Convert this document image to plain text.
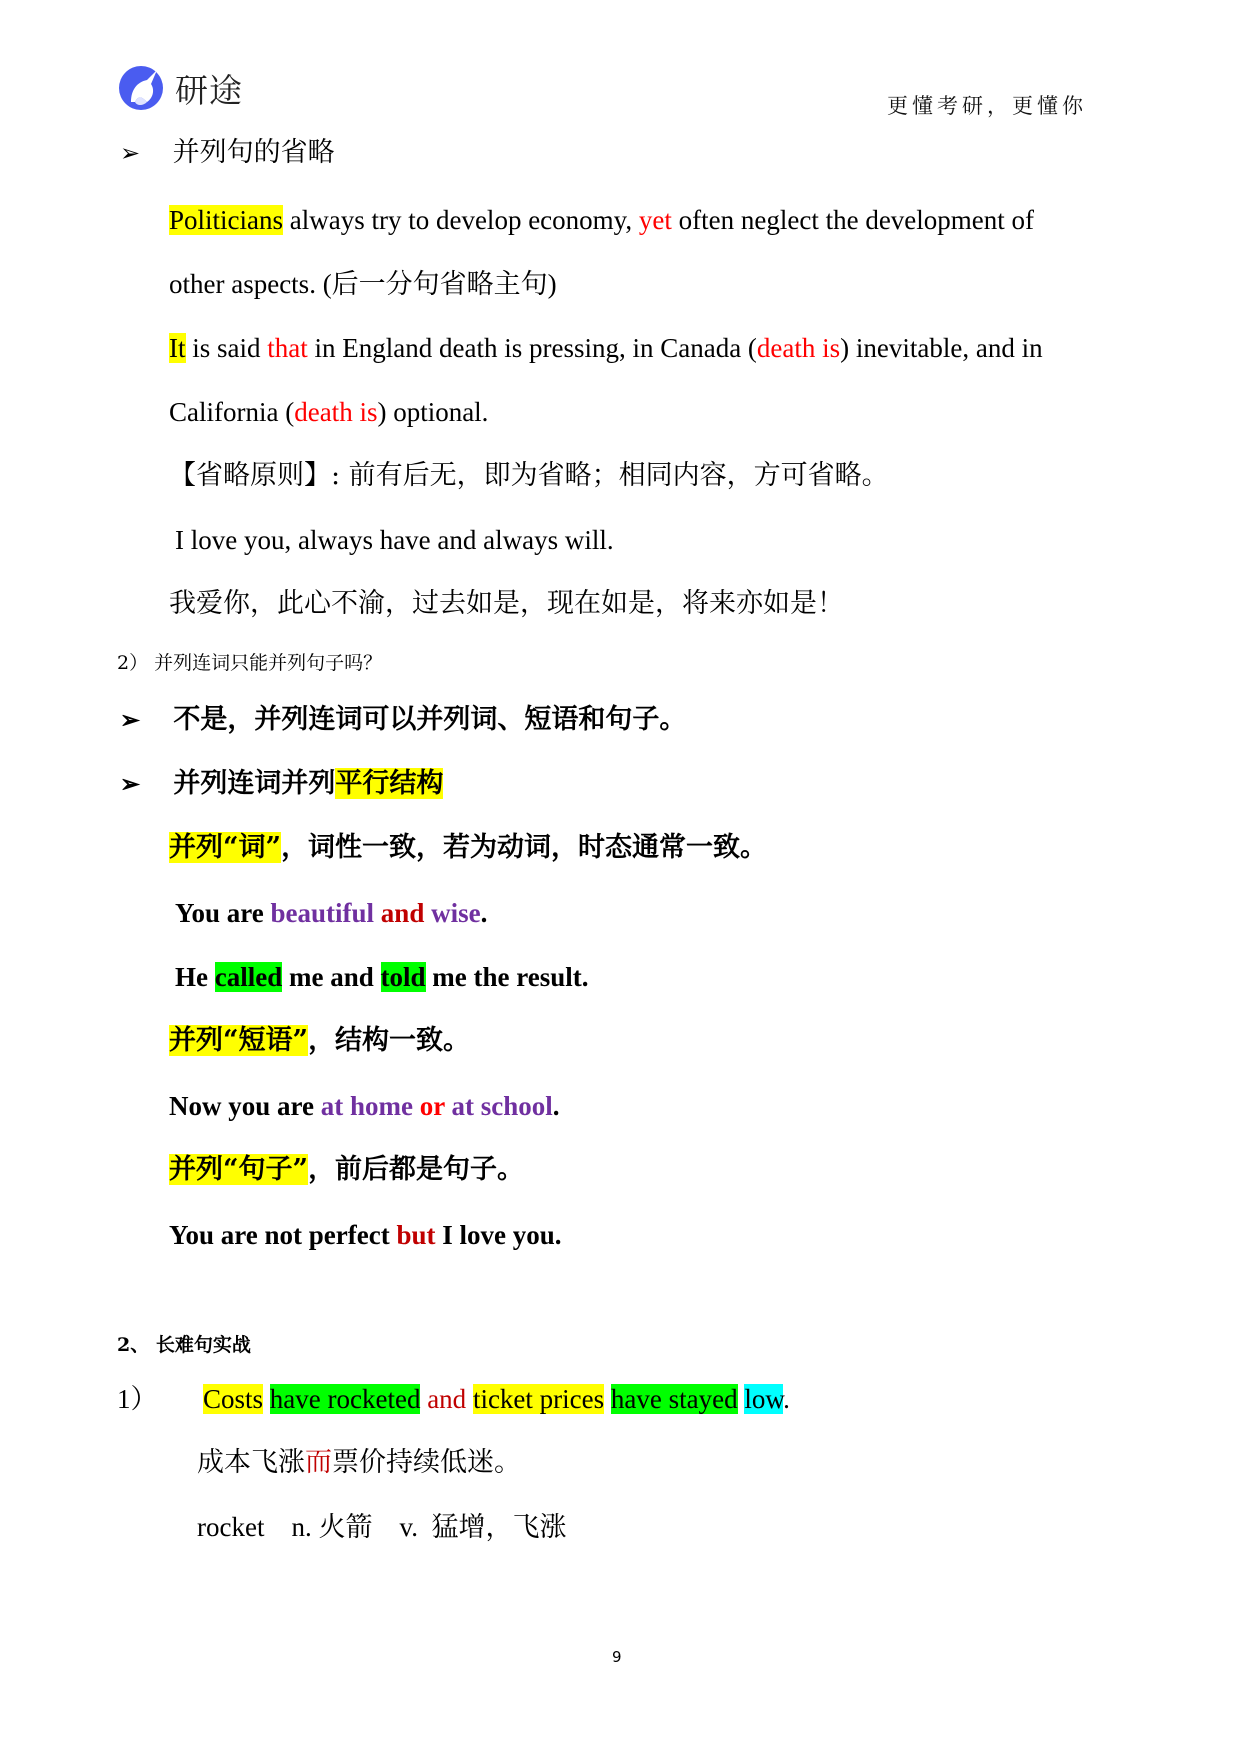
研途	更懂考研，更懂你
➢ 并列句的省略
Politicians always try to develop economy, yet often neglect the development of
other aspects. (后一分句省略主句)
It is said that in England death is pressing, in Canada (death is) inevitable, and in
California (death is) optional.
【省略原则】: 前有后无，即为省略；相同内容，方可省略。
I love you, always have and always will.
我爱你，此心不渝，过去如是，现在如是，将来亦如是！
2） 并列连词只能并列句子吗？
➢ 不是，并列连词可以并列词、短语和句子。
➢ 并列连词并列平行结构
并列“词”，词性一致，若为动词，时态通常一致。
You are beautiful and wise.
He called me and told me the result.
并列“短语”，结构一致。
Now you are at home or at school.
并列“句子”，前后都是句子。
You are not perfect but I love you.
2、 长难句实战
1） Costs have rocketed and ticket prices have stayed low.
成本飞涨而票价持续低迷。
rocket    n. 火箭    v.  猛增，飞涨
9
